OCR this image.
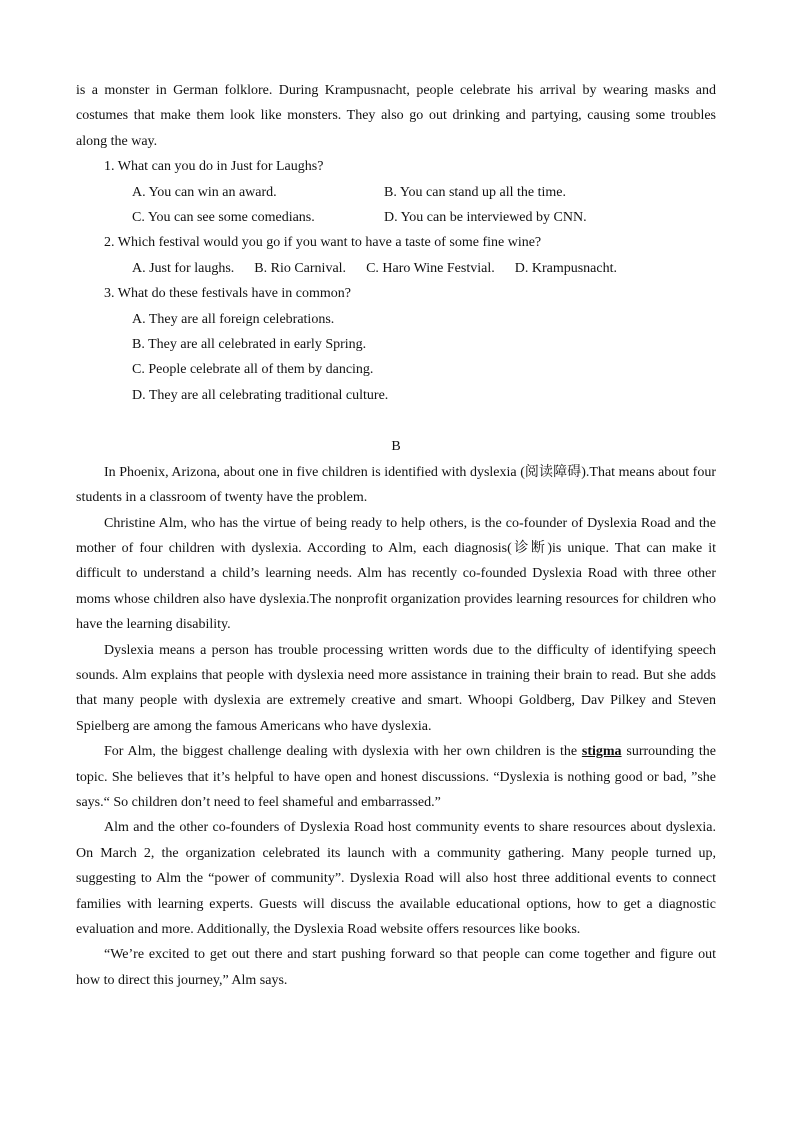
is a monster in German folklore. During Krampusnacht, people celebrate his arrival by wearing masks and costumes that make them look like monsters. They also go out drinking and partying, causing some troubles along the way.

1. What can you do in Just for Laughs?

A. You can win an award.	B. You can stand up all the time.
C. You can see some comedians.	D. You can be interviewed by CNN.

2. Which festival would you go if you want to have a taste of some fine wine?

A. Just for laughs. B. Rio Carnival. C. Haro Wine Festvial. D. Krampusnacht.

3. What do these festivals have in common?

A. They are all foreign celebrations.

B. They are all celebrated in early Spring.

C. People celebrate all of them by dancing.

D. They are all celebrating traditional culture.

B

In Phoenix, Arizona, about one in five children is identified with dyslexia (阅读障碍).That means about four students in a classroom of twenty have the problem.

Christine Alm, who has the virtue of being ready to help others, is the co-founder of Dyslexia Road and the mother of four children with dyslexia. According to Alm, each diagnosis(诊断)is unique. That can make it difficult to understand a child’s learning needs. Alm has recently co-founded Dyslexia Road with three other moms whose children also have dyslexia.The nonprofit organization provides learning resources for children who have the learning disability.

Dyslexia means a person has trouble processing written words due to the difficulty of identifying speech sounds. Alm explains that people with dyslexia need more assistance in training their brain to read. But she adds that many people with dyslexia are extremely creative and smart. Whoopi Goldberg, Dav Pilkey and Steven Spielberg are among the famous Americans who have dyslexia.

For Alm, the biggest challenge dealing with dyslexia with her own children is the stigma surrounding the topic. She believes that it’s helpful to have open and honest discussions. “Dyslexia is nothing good or bad, ”she says.“ So children don’t need to feel shameful and embarrassed.”

Alm and the other co-founders of Dyslexia Road host community events to share resources about dyslexia. On March 2, the organization celebrated its launch with a community gathering. Many people turned up, suggesting to Alm the “power of community”. Dyslexia Road will also host three additional events to connect families with learning experts. Guests will discuss the available educational options, how to get a diagnostic evaluation and more. Additionally, the Dyslexia Road website offers resources like books.

“We’re excited to get out there and start pushing forward so that people can come together and figure out how to direct this journey,” Alm says.
